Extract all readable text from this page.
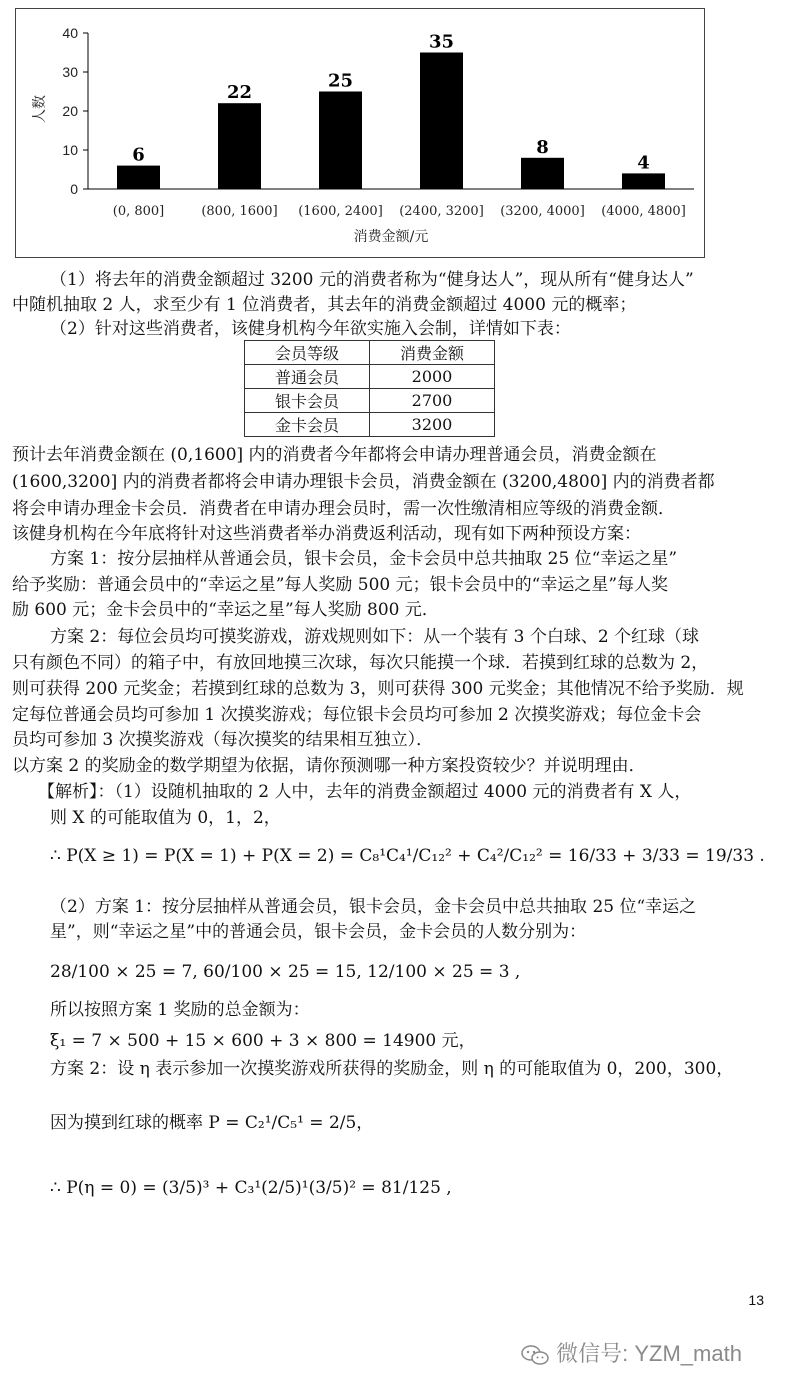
0
10
20
30
40
人数
6
(0, 800]
22
(800, 1600]
25
(1600, 2400]
35
(2400, 3200]
8
(3200, 4000]
4
(4000, 4800]
消费金额/元
（1）将去年的消费金额超过 3200 元的消费者称为“健身达人”，现从所有“健身达人”
中随机抽取 2 人，求至少有 1 位消费者，其去年的消费金额超过 4000 元的概率；
（2）针对这些消费者，该健身机构今年欲实施入会制，详情如下表：
会员等级	消费金额
普通会员	2000
银卡会员	2700
金卡会员	3200
预计去年消费金额在 (0,1600] 内的消费者今年都将会申请办理普通会员，消费金额在
(1600,3200] 内的消费者都将会申请办理银卡会员，消费金额在 (3200,4800] 内的消费者都
将会申请办理金卡会员．消费者在申请办理会员时，需一次性缴清相应等级的消费金额．
该健身机构在今年底将针对这些消费者举办消费返利活动，现有如下两种预设方案：
方案 1：按分层抽样从普通会员，银卡会员，金卡会员中总共抽取 25 位“幸运之星”
给予奖励：普通会员中的“幸运之星”每人奖励 500 元；银卡会员中的“幸运之星”每人奖
励 600 元；金卡会员中的“幸运之星”每人奖励 800 元．
方案 2：每位会员均可摸奖游戏，游戏规则如下：从一个装有 3 个白球、2 个红球（球
只有颜色不同）的箱子中，有放回地摸三次球，每次只能摸一个球．若摸到红球的总数为 2，
则可获得 200 元奖金；若摸到红球的总数为 3，则可获得 300 元奖金；其他情况不给予奖励．规
定每位普通会员均可参加 1 次摸奖游戏；每位银卡会员均可参加 2 次摸奖游戏；每位金卡会
员均可参加 3 次摸奖游戏（每次摸奖的结果相互独立）．
以方案 2 的奖励金的数学期望为依据，请你预测哪一种方案投资较少？并说明理由．
【解析】：（1）设随机抽取的 2 人中，去年的消费金额超过 4000 元的消费者有 X 人，
则 X 的可能取值为 0，1，2，
∴ P(X ≥ 1) = P(X = 1) + P(X = 2) = C₈¹C₄¹/C₁₂² + C₄²/C₁₂² = 16/33 + 3/33 = 19/33 .
（2）方案 1：按分层抽样从普通会员，银卡会员，金卡会员中总共抽取 25 位“幸运之
星”，则“幸运之星”中的普通会员，银卡会员，金卡会员的人数分别为：
28/100 × 25 = 7, 60/100 × 25 = 15, 12/100 × 25 = 3 ,
所以按照方案 1 奖励的总金额为：
ξ₁ = 7 × 500 + 15 × 600 + 3 × 800 = 14900 元，
方案 2：设 η 表示参加一次摸奖游戏所获得的奖励金，则 η 的可能取值为 0，200，300，
因为摸到红球的概率 P = C₂¹/C₅¹ = 2/5，
∴ P(η = 0) = (3/5)³ + C₃¹(2/5)¹(3/5)² = 81/125 ,
13
微信号: YZM_math
